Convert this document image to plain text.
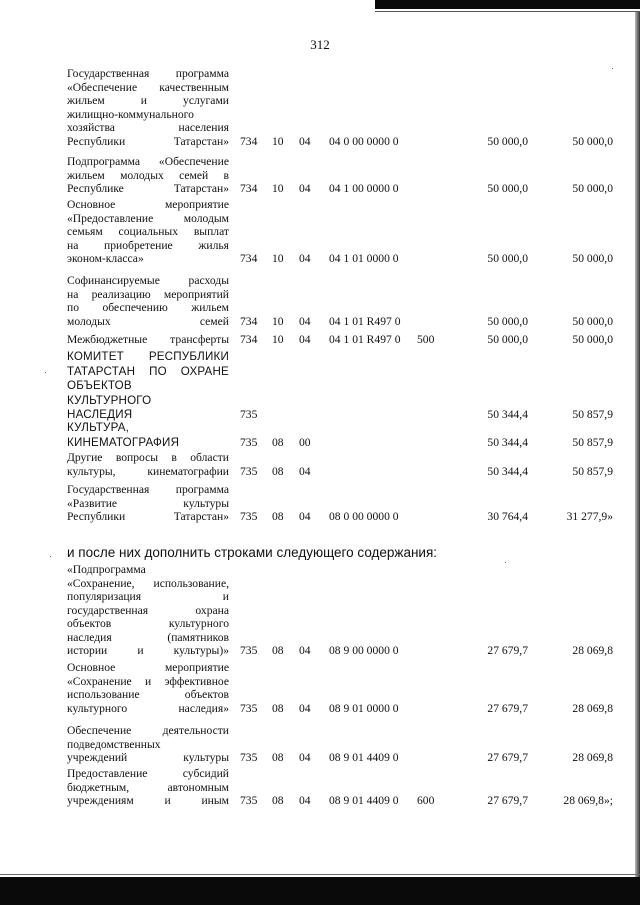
312
Государственная программа
«Обеспечение качественным
жильем и услугами
жилищно-коммунального
хозяйства населения
Республики Татарстан» 734 10 04 04 0 00 0000 0	50 000,0	50 000,0
Подпрограмма «Обеспечение
жильем молодых семей в
Республике Татарстан» 734 10 04 04 1 00 0000 0	50 000,0	50 000,0
Основное мероприятие
«Предоставление молодым
семьям социальных выплат
на приобретение жилья
эконом-класса»	734 10 04 04 1 01 0000 0	50 000,0	50 000,0
Софинансируемые расходы
на реализацию мероприятий
по обеспечению жильем
молодых семей 734 10 04 04 1 01 R497 0	50 000,0	50 000,0
Межбюджетные трансферты 734 10 04 04 1 01 R497 0 500	50 000,0	50 000,0
КОМИТЕТ РЕСПУБЛИКИ
ТАТАРСТАН ПО ОХРАНЕ
ОБЪЕКТОВ
КУЛЬТУРНОГО
НАСЛЕДИЯ	735	50 344,4	50 857,9
КУЛЬТУРА,
КИНЕМАТОГРАФИЯ	735 08 00	50 344,4	50 857,9
Другие вопросы в области
культуры, кинематографии 735 08 04	50 344,4	50 857,9
Государственная программа
«Развитие культуры
Республики Татарстан» 735 08 04 08 0 00 0000 0	30 764,4	31 277,9»
и после них дополнить строками следующего содержания:
«Подпрограмма
«Сохранение, использование,
популяризация и
государственная охрана
объектов культурного
наследия (памятников
истории и культуры)» 735 08 04 08 9 00 0000 0	27 679,7	28 069,8
Основное мероприятие
«Сохранение и эффективное
использование объектов
культурного наследия» 735 08 04 08 9 01 0000 0	27 679,7	28 069,8
Обеспечение деятельности
подведомственных
учреждений культуры 735 08 04 08 9 01 4409 0	27 679,7	28 069,8
Предоставление субсидий
бюджетным, автономным
учреждениям и иным 735 08 04 08 9 01 4409 0 600	27 679,7	28 069,8»;
